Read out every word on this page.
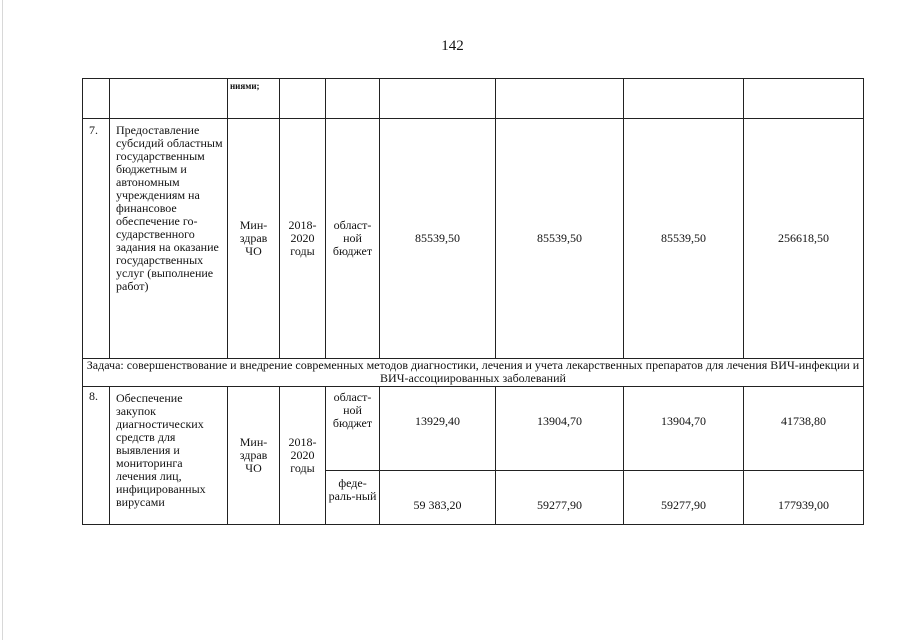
142
		ниями;						
7.	Предоставление субсидий областным государственным бюджетным и автономным учреждениям на финансовое обеспечение го-сударственного задания на оказание государственных услуг (выполнение работ)	Мин-здрав ЧО	2018-2020 годы	област-ной бюджет	85539,50	85539,50	85539,50	256618,50
Задача: совершенствование и внедрение современных методов диагностики, лечения и учета лекарственных препаратов для лечения ВИЧ-инфекции и ВИЧ-ассоциированных заболеваний								
8.	Обеспечение закупок диагностических средств для выявления и мониторинга лечения лиц, инфицированных вирусами	Мин-здрав ЧО	2018-2020 годы	област-ной бюджет	13929,40	13904,70	13904,70	41738,80
				феде-раль-ный	59 383,20	59277,90	59277,90	177939,00
